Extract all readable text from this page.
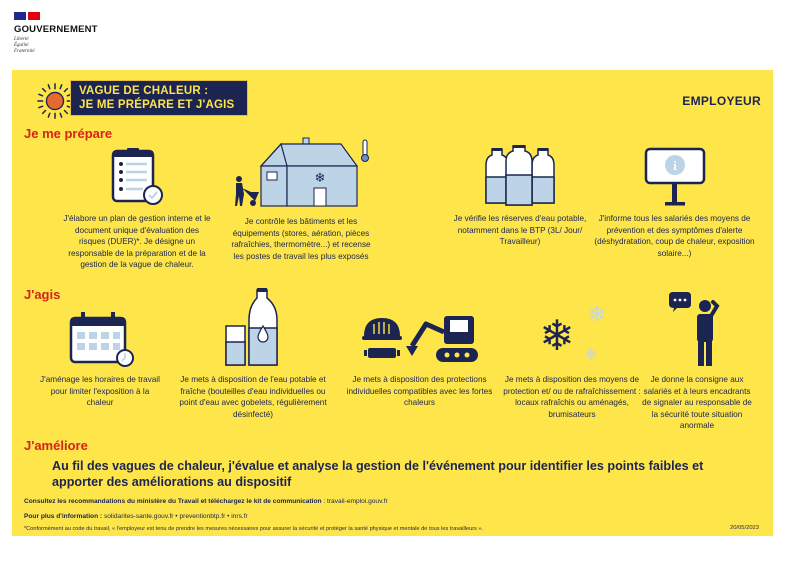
GOUVERNEMENT
Liberté
Égalité
Fraternité
VAGUE DE CHALEUR :
JE ME PRÉPARE ET J'AGIS	EMPLOYEUR
Je me prépare
J'élabore un plan de gestion interne et le document unique d'évaluation des risques (DUER)*. Je désigne un responsable de la préparation et de la gestion de la vague de chaleur.
❄
Je contrôle les bâtiments et les équipements (stores, aération, pièces rafraîchies, thermomètre...) et recense les postes de travail les plus exposés
Je vérifie les réserves d'eau potable, notamment dans le BTP (3L/ Jour/ Travailleur)
i
J'informe tous les salariés des moyens de prévention et des symptômes d'alerte (déshydratation, coup de chaleur, exposition solaire...)
J'agis
J'aménage les horaires de travail pour limiter l'exposition à la chaleur
Je mets à disposition de l'eau potable et fraîche (bouteilles d'eau individuelles ou point d'eau avec gobelets, régulièrement désinfecté)
Je mets à disposition des protections individuelles compatibles avec les fortes chaleurs
❄ ❄
❄
Je mets à disposition des moyens de protection et/ ou de rafraîchissement : locaux rafraîchis ou aménagés, brumisateurs
Je donne la consigne aux salariés et à leurs encadrants de signaler au responsable de la sécurité toute situation anormale
J'améliore
Au fil des vagues de chaleur, j'évalue et analyse la gestion de l'événement pour identifier les points faibles et apporter des améliorations au dispositif
Consultez les recommandations du ministère du Travail et téléchargez le kit de communication : travail-emploi.gouv.fr
Pour plus d'information : solidarites-sante.gouv.fr • preventionbtp.fr • inrs.fr
*Conformément au code du travail, « l'employeur est tenu de prendre les mesures nécessaires pour assurer la sécurité et protéger la santé physique et mentale de tous les travailleurs ».	20/05/2023
